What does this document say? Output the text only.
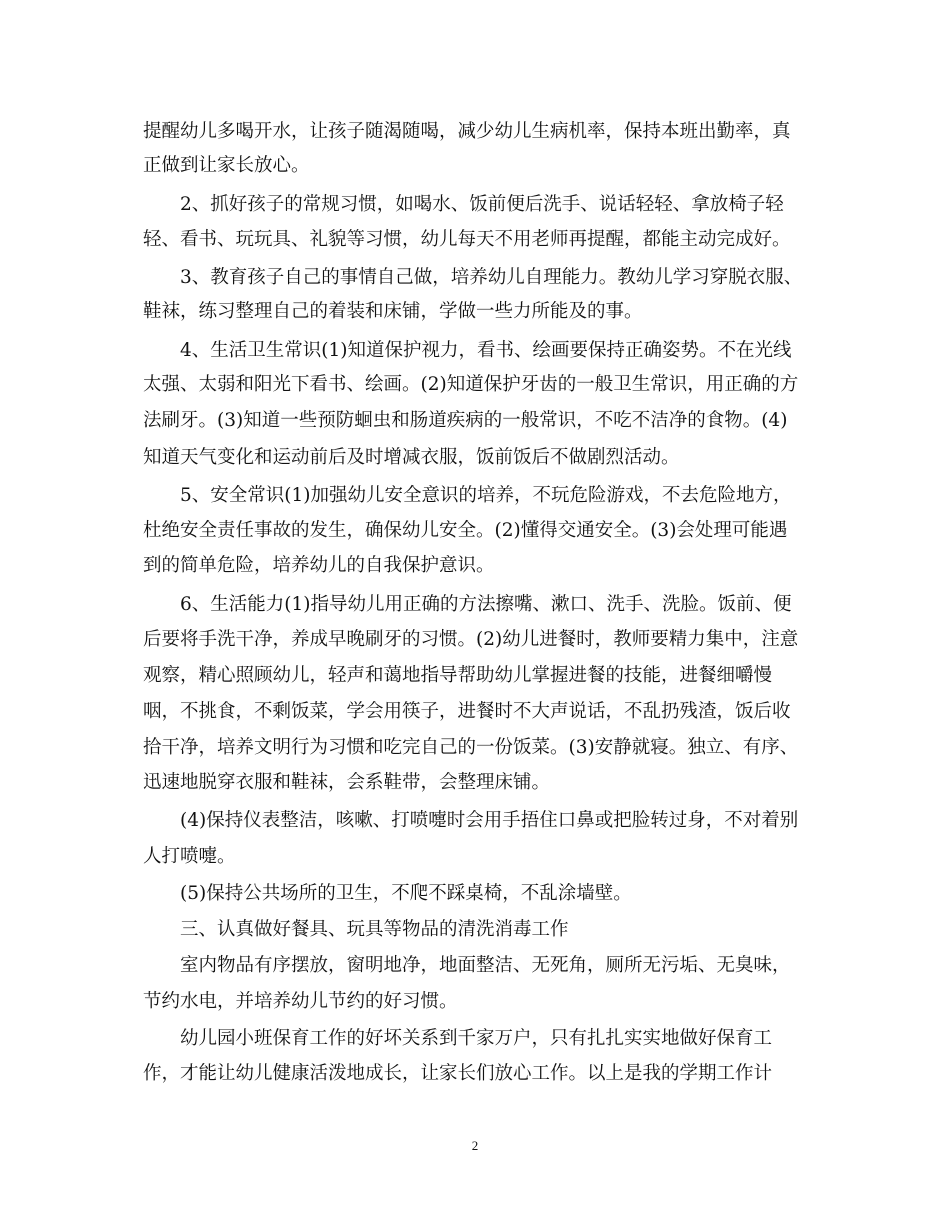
提醒幼儿多喝开水，让孩子随渴随喝，减少幼儿生病机率，保持本班出勤率，真
正做到让家长放心。
2、抓好孩子的常规习惯，如喝水、饭前便后洗手、说话轻轻、拿放椅子轻
轻、看书、玩玩具、礼貌等习惯，幼儿每天不用老师再提醒，都能主动完成好。
3、教育孩子自己的事情自己做，培养幼儿自理能力。教幼儿学习穿脱衣服、
鞋袜，练习整理自己的着装和床铺，学做一些力所能及的事。
4、生活卫生常识(1)知道保护视力，看书、绘画要保持正确姿势。不在光线
太强、太弱和阳光下看书、绘画。(2)知道保护牙齿的一般卫生常识，用正确的方
法刷牙。(3)知道一些预防蛔虫和肠道疾病的一般常识，不吃不洁净的食物。(4)
知道天气变化和运动前后及时增减衣服，饭前饭后不做剧烈活动。
5、安全常识(1)加强幼儿安全意识的培养，不玩危险游戏，不去危险地方，
杜绝安全责任事故的发生，确保幼儿安全。(2)懂得交通安全。(3)会处理可能遇
到的简单危险，培养幼儿的自我保护意识。
6、生活能力(1)指导幼儿用正确的方法擦嘴、漱口、洗手、洗脸。饭前、便
后要将手洗干净，养成早晚刷牙的习惯。(2)幼儿进餐时，教师要精力集中，注意
观察，精心照顾幼儿，轻声和蔼地指导帮助幼儿掌握进餐的技能，进餐细嚼慢
咽，不挑食，不剩饭菜，学会用筷子，进餐时不大声说话，不乱扔残渣，饭后收
拾干净，培养文明行为习惯和吃完自己的一份饭菜。(3)安静就寝。独立、有序、
迅速地脱穿衣服和鞋袜，会系鞋带，会整理床铺。
(4)保持仪表整洁，咳嗽、打喷嚏时会用手捂住口鼻或把脸转过身，不对着别
人打喷嚏。
(5)保持公共场所的卫生，不爬不踩桌椅，不乱涂墙壁。
三、认真做好餐具、玩具等物品的清洗消毒工作
室内物品有序摆放，窗明地净，地面整洁、无死角，厕所无污垢、无臭味，
节约水电，并培养幼儿节约的好习惯。
幼儿园小班保育工作的好坏关系到千家万户，只有扎扎实实地做好保育工
作，才能让幼儿健康活泼地成长，让家长们放心工作。以上是我的学期工作计
2
